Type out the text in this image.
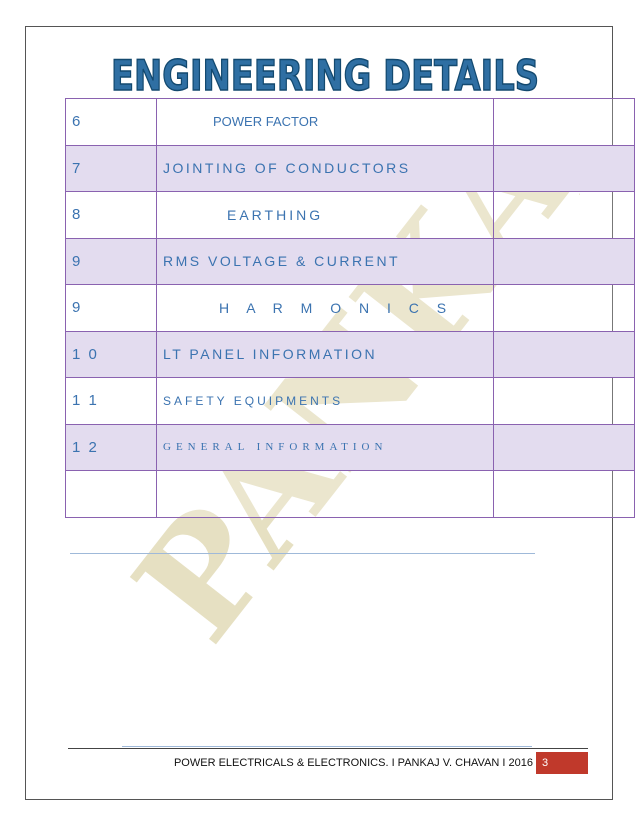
ENGINEERING DETAILS
6	POWER FACTOR	
7	JOINTING OF CONDUCTORS	
8	EARTHING	
9	RMS VOLTAGE & CURRENT	
9	H A R M O N I C S	
1 0	LT PANEL INFORMATION	
1 1	SAFETY EQUIPMENTS	
1 2	GENERAL INFORMATION	

POWER ELECTRICALS & ELECTRONICS. I PANKAJ V. CHAVAN I 2016 3
